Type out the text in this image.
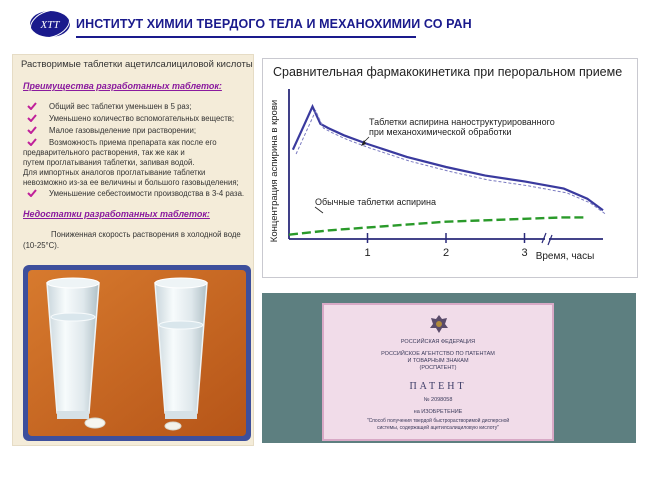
ХТТ ИНСТИТУТ ХИМИИ ТВЕРДОГО ТЕЛА И МЕХАНОХИМИИ СО РАН
Растворимые таблетки ацетилсалициловой кислоты
Преимущества разработанных таблеток:
Общий вес таблетки уменьшен в 5 раз;
Уменьшено количество вспомогательных веществ;
Малое газовыделение при растворении;
Возможность приема препарата как после его
предварительного растворения, так же как и
путем проглатывания таблетки, запивая водой.
Для импортных аналогов проглатывание таблетки
невозможно из-за ее величины и большого газовыделения;
Уменьшение себестоимости производства в 3-4 раза.
Недостатки разработанных таблеток:
Пониженная скорость растворения в холодной воде
(10-25°С).
Сравнительная фармакокинетика при пероральном приеме
Концентрация аспирина в крови
Время, часы
1	2	3
Таблетки аспирина наноструктурированного
при механохимической обработки
Обычные таблетки аспирина
РОССИЙСКАЯ ФЕДЕРАЦИЯ
РОССИЙСКОЕ АГЕНТСТВО ПО ПАТЕНТАМ
И ТОВАРНЫМ ЗНАКАМ
(РОСПАТЕНТ)
ПАТЕНТ
№ 2098058
на ИЗОБРЕТЕНИЕ
"Способ получения твердой быстрорастворимой дисперсной
системы, содержащей ацетилсалициловую кислоту"
